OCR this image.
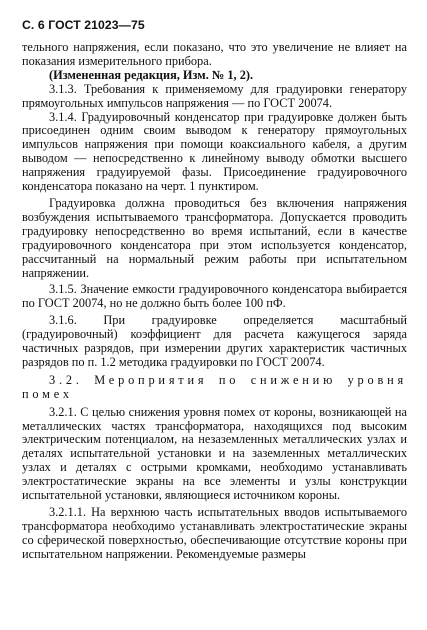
С. 6 ГОСТ 21023—75

тельного напряжения, если показано, что это увеличение не влияет на показания измерительного прибора.

(Измененная редакция, Изм. № 1, 2).

3.1.3. Требования к применяемому для градуировки генератору прямоугольных импульсов напряжения — по ГОСТ 20074.

3.1.4. Градуировочный конденсатор при градуировке должен быть присоединен одним своим выводом к генератору прямоугольных импульсов напряжения при помощи коаксиального кабеля, а другим выводом — непосредственно к линейному выводу обмотки высшего напряжения градуируемой фазы. Присоединение градуировочного конденсатора показано на черт. 1 пунктиром.

Градуировка должна проводиться без включения напряжения возбуждения испытываемого трансформатора. Допускается проводить градуировку непосредственно во время испытаний, если в качестве градуировочного конденсатора при этом используется конденсатор, рассчитанный на нормальный режим работы при испытательном напряжении.

3.1.5. Значение емкости градуировочного конденсатора выбирается по ГОСТ 20074, но не должно быть более 100 пФ.

3.1.6. При градуировке определяется масштабный (градуировочный) коэффициент для расчета кажущегося заряда частичных разрядов, при измерении других характеристик частичных разрядов по п. 1.2 методика градуировки по ГОСТ 20074.

3.2. Мероприятия по снижению уровня помех

3.2.1. С целью снижения уровня помех от короны, возникающей на металлических частях трансформатора, находящихся под высоким электрическим потенциалом, на незаземленных металлических узлах и деталях испытательной установки и на заземленных металлических узлах и деталях с острыми кромками, необходимо устанавливать электростатические экраны на все элементы и узлы конструкции испытательной установки, являющиеся источником короны.

3.2.1.1. На верхнюю часть испытательных вводов испытываемого трансформатора необходимо устанавливать электростатические экраны со сферической поверхностью, обеспечивающие отсутствие короны при испытательном напряжении. Рекомендуемые размеры
